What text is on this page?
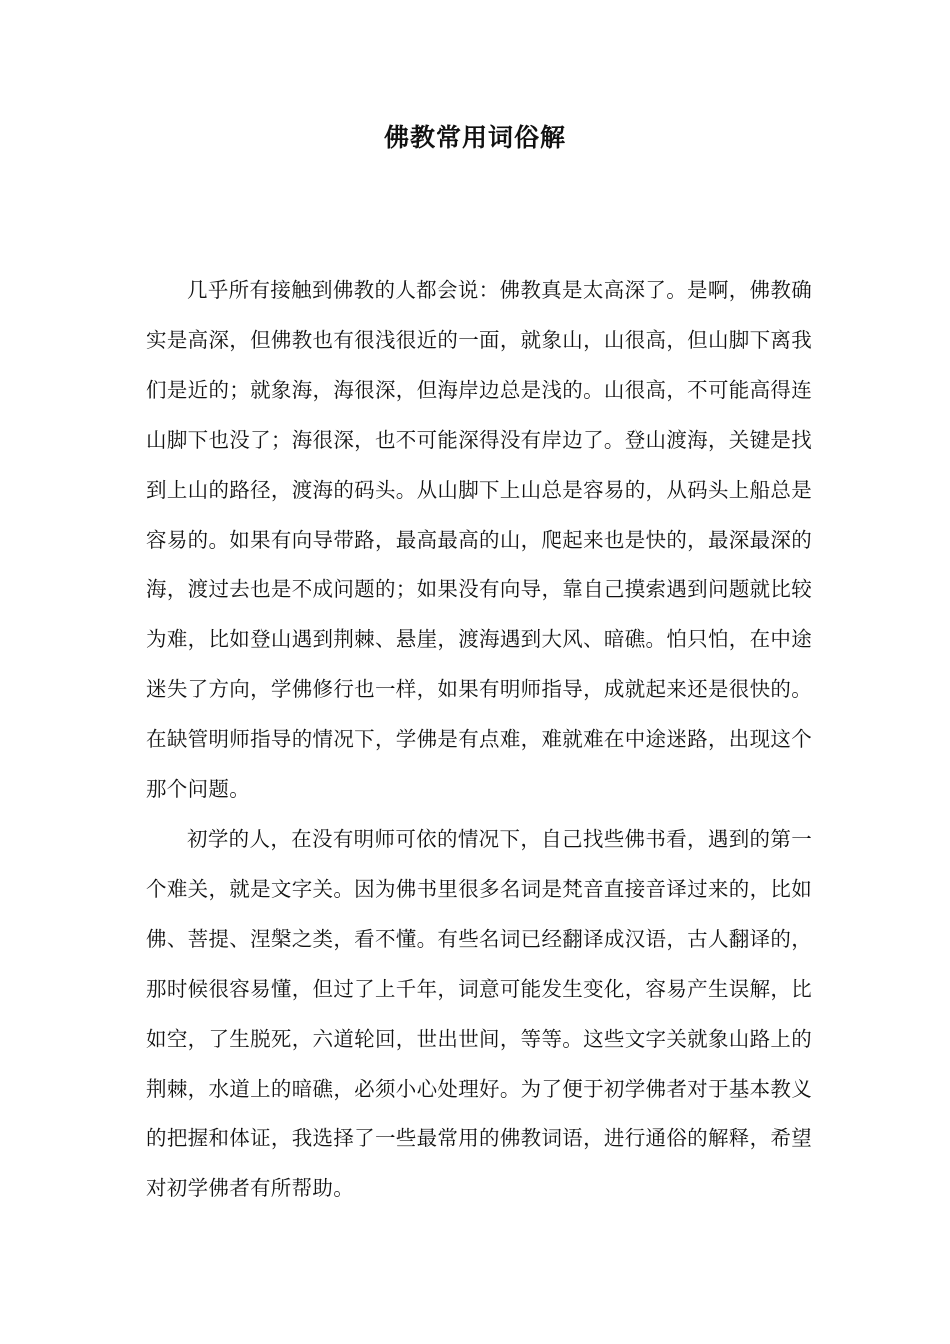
佛教常用词俗解

几乎所有接触到佛教的人都会说：佛教真是太高深了。是啊，佛教确实是高深，但佛教也有很浅很近的一面，就象山，山很高，但山脚下离我们是近的；就象海，海很深，但海岸边总是浅的。山很高，不可能高得连山脚下也没了；海很深，也不可能深得没有岸边了。登山渡海，关键是找到上山的路径，渡海的码头。从山脚下上山总是容易的，从码头上船总是容易的。如果有向导带路，最高最高的山，爬起来也是快的，最深最深的海，渡过去也是不成问题的；如果没有向导，靠自己摸索遇到问题就比较为难，比如登山遇到荆棘、悬崖，渡海遇到大风、暗礁。怕只怕，在中途迷失了方向，学佛修行也一样，如果有明师指导，成就起来还是很快的。在缺管明师指导的情况下，学佛是有点难，难就难在中途迷路，出现这个那个问题。

初学的人，在没有明师可依的情况下，自己找些佛书看，遇到的第一个难关，就是文字关。因为佛书里很多名词是梵音直接音译过来的，比如佛、菩提、涅槃之类，看不懂。有些名词已经翻译成汉语，古人翻译的，那时候很容易懂，但过了上千年，词意可能发生变化，容易产生误解，比如空，了生脱死，六道轮回，世出世间，等等。这些文字关就象山路上的荆棘，水道上的暗礁，必须小心处理好。为了便于初学佛者对于基本教义的把握和体证，我选择了一些最常用的佛教词语，进行通俗的解释，希望对初学佛者有所帮助。
